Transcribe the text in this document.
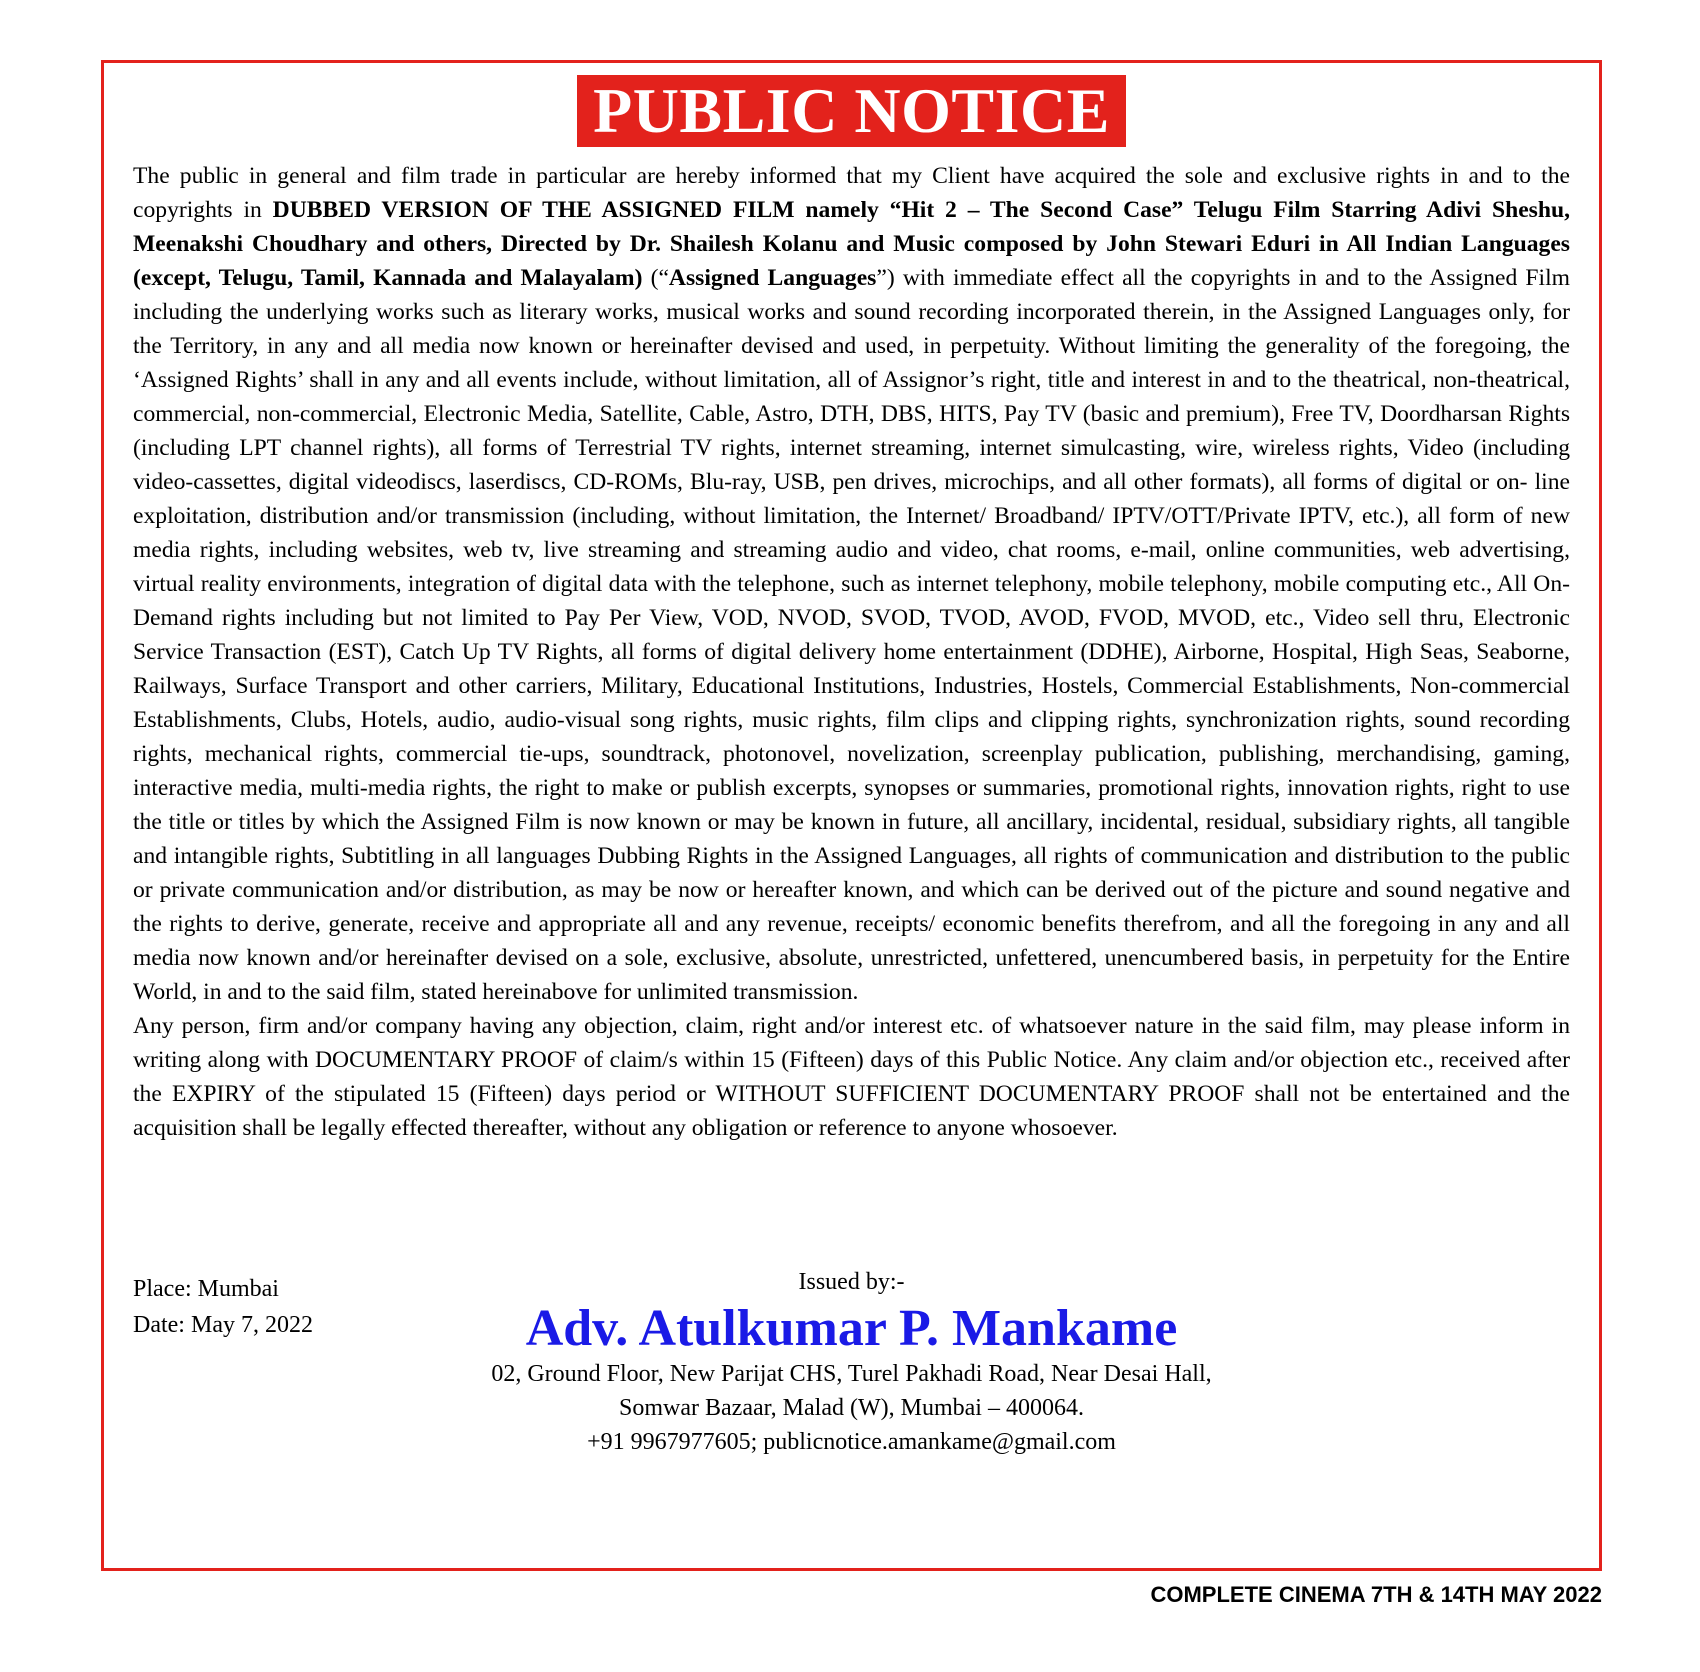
PUBLIC NOTICE

The public in general and film trade in particular are hereby informed that my Client have acquired the sole and exclusive rights in and to the copyrights in DUBBED VERSION OF THE ASSIGNED FILM namely “Hit 2 – The Second Case” Telugu Film Starring Adivi Sheshu, Meenakshi Choudhary and others, Directed by Dr. Shailesh Kolanu and Music composed by John Stewari Eduri in All Indian Languages (except, Telugu, Tamil, Kannada and Malayalam) (“Assigned Languages”) with immediate effect all the copyrights in and to the Assigned Film including the underlying works such as literary works, musical works and sound recording incorporated therein, in the Assigned Languages only, for the Territory, in any and all media now known or hereinafter devised and used, in perpetuity. Without limiting the generality of the foregoing, the ‘Assigned Rights’ shall in any and all events include, without limitation, all of Assignor’s right, title and interest in and to the theatrical, non-theatrical, commercial, non-commercial, Electronic Media, Satellite, Cable, Astro, DTH, DBS, HITS, Pay TV (basic and premium), Free TV, Doordharsan Rights (including LPT channel rights), all forms of Terrestrial TV rights, internet streaming, internet simulcasting, wire, wireless rights, Video (including video-cassettes, digital videodiscs, laserdiscs, CD-ROMs, Blu-ray, USB, pen drives, microchips, and all other formats), all forms of digital or on- line exploitation, distribution and/or transmission (including, without limitation, the Internet/ Broadband/ IPTV/OTT/Private IPTV, etc.), all form of new media rights, including websites, web tv, live streaming and streaming audio and video, chat rooms, e-mail, online communities, web advertising, virtual reality environments, integration of digital data with the telephone, such as internet telephony, mobile telephony, mobile computing etc., All On-Demand rights including but not limited to Pay Per View, VOD, NVOD, SVOD, TVOD, AVOD, FVOD, MVOD, etc., Video sell thru, Electronic Service Transaction (EST), Catch Up TV Rights, all forms of digital delivery home entertainment (DDHE), Airborne, Hospital, High Seas, Seaborne, Railways, Surface Transport and other carriers, Military, Educational Institutions, Industries, Hostels, Commercial Establishments, Non-commercial Establishments, Clubs, Hotels, audio, audio-visual song rights, music rights, film clips and clipping rights, synchronization rights, sound recording rights, mechanical rights, commercial tie-ups, soundtrack, photonovel, novelization, screenplay publication, publishing, merchandising, gaming, interactive media, multi-media rights, the right to make or publish excerpts, synopses or summaries, promotional rights, innovation rights, right to use the title or titles by which the Assigned Film is now known or may be known in future, all ancillary, incidental, residual, subsidiary rights, all tangible and intangible rights, Subtitling in all languages Dubbing Rights in the Assigned Languages, all rights of communication and distribution to the public or private communication and/or distribution, as may be now or hereafter known, and which can be derived out of the picture and sound negative and the rights to derive, generate, receive and appropriate all and any revenue, receipts/ economic benefits therefrom, and all the foregoing in any and all media now known and/or hereinafter devised on a sole, exclusive, absolute, unrestricted, unfettered, unencumbered basis, in perpetuity for the Entire World, in and to the said film, stated hereinabove for unlimited transmission.

Any person, firm and/or company having any objection, claim, right and/or interest etc. of whatsoever nature in the said film, may please inform in writing along with DOCUMENTARY PROOF of claim/s within 15 (Fifteen) days of this Public Notice. Any claim and/or objection etc., received after the EXPIRY of the stipulated 15 (Fifteen) days period or WITHOUT SUFFICIENT DOCUMENTARY PROOF shall not be entertained and the acquisition shall be legally effected thereafter, without any obligation or reference to anyone whosoever.

Place: Mumbai
Date: May 7, 2022
Issued by:-
Adv. Atulkumar P. Mankame
02, Ground Floor, New Parijat CHS, Turel Pakhadi Road, Near Desai Hall,
Somwar Bazaar, Malad (W), Mumbai – 400064.
+91 9967977605; publicnotice.amankame@gmail.com
COMPLETE CINEMA 7TH & 14TH MAY 2022
